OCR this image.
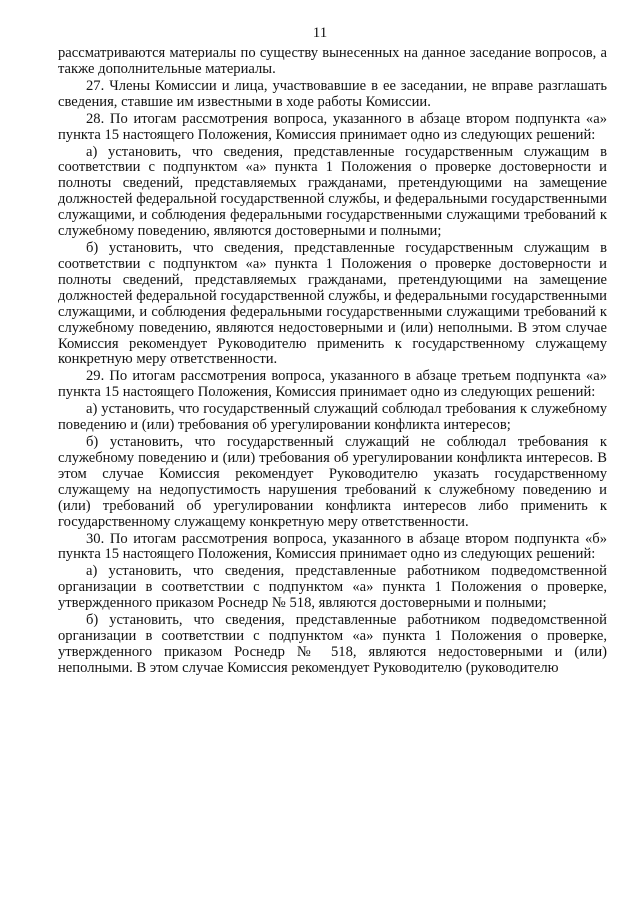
11

рассматриваются материалы по существу вынесенных на данное заседание вопросов, а также дополнительные материалы.

27. Члены Комиссии и лица, участвовавшие в ее заседании, не вправе разглашать сведения, ставшие им известными в ходе работы Комиссии.

28. По итогам рассмотрения вопроса, указанного в абзаце втором подпункта «а» пункта 15 настоящего Положения, Комиссия принимает одно из следующих решений:

а) установить, что сведения, представленные государственным служащим в соответствии с подпунктом «а» пункта 1 Положения о проверке достоверности и полноты сведений, представляемых гражданами, претендующими на замещение должностей федеральной государственной службы, и федеральными государственными служащими, и соблюдения федеральными государственными служащими требований к служебному поведению, являются достоверными и полными;

б) установить, что сведения, представленные государственным служащим в соответствии с подпунктом «а» пункта 1 Положения о проверке достоверности и полноты сведений, представляемых гражданами, претендующими на замещение должностей федеральной государственной службы, и федеральными государственными служащими, и соблюдения федеральными государственными служащими требований к служебному поведению, являются недостоверными и (или) неполными. В этом случае Комиссия рекомендует Руководителю применить к государственному служащему конкретную меру ответственности.

29. По итогам рассмотрения вопроса, указанного в абзаце третьем подпункта «а» пункта 15 настоящего Положения, Комиссия принимает одно из следующих решений:

а) установить, что государственный служащий соблюдал требования к служебному поведению и (или) требования об урегулировании конфликта интересов;

б) установить, что государственный служащий не соблюдал требования к служебному поведению и (или) требования об урегулировании конфликта интересов. В этом случае Комиссия рекомендует Руководителю указать государственному служащему на недопустимость нарушения требований к служебному поведению и (или) требований об урегулировании конфликта интересов либо применить к государственному служащему конкретную меру ответственности.

30. По итогам рассмотрения вопроса, указанного в абзаце втором подпункта «б» пункта 15 настоящего Положения, Комиссия принимает одно из следующих решений:

а) установить, что сведения, представленные работником подведомственной организации в соответствии с подпунктом «а» пункта 1 Положения о проверке, утвержденного приказом Роснедр № 518, являются достоверными и полными;

б) установить, что сведения, представленные работником подведомственной организации в соответствии с подпунктом «а» пункта 1 Положения о проверке, утвержденного приказом Роснедр № 518, являются недостоверными и (или) неполными. В этом случае Комиссия рекомендует Руководителю (руководителю
